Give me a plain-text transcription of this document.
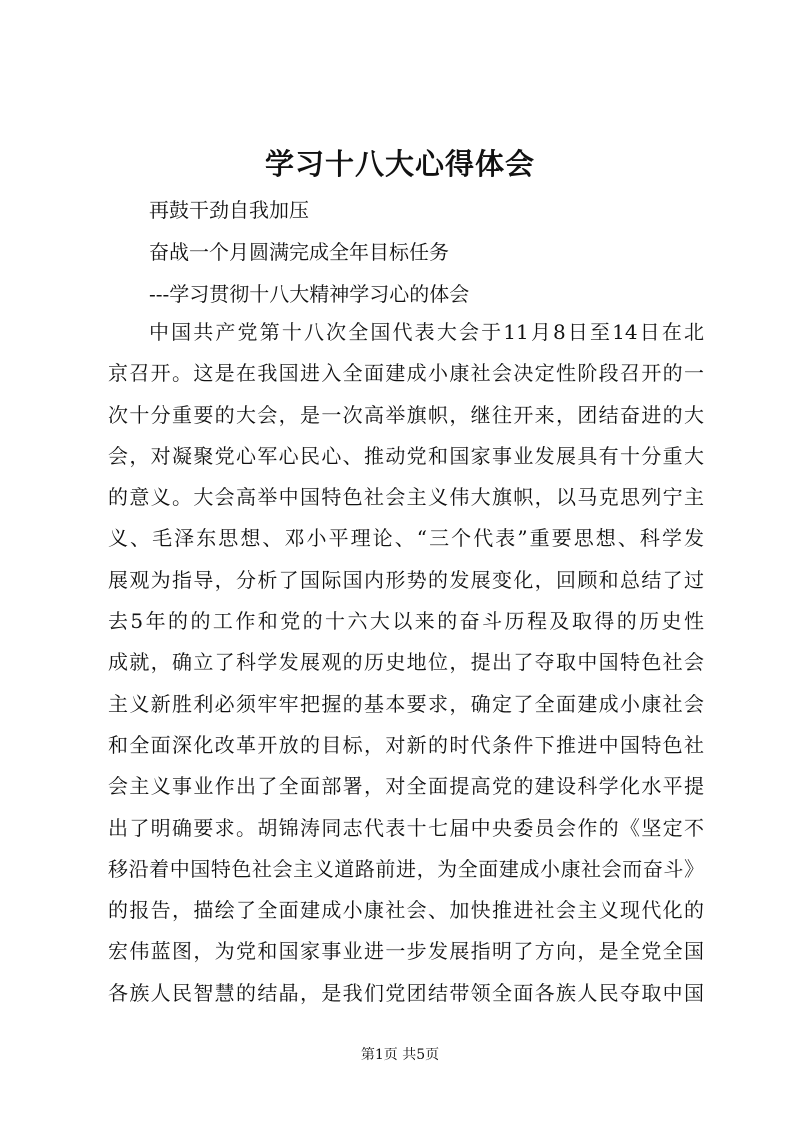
学习十八大心得体会

再鼓干劲自我加压

奋战一个月圆满完成全年目标任务

---学习贯彻十八大精神学习心的体会

中国共产党第十八次全国代表大会于11月8日至14日在北
京召开。这是在我国进入全面建成小康社会决定性阶段召开的一
次十分重要的大会，是一次高举旗帜，继往开来，团结奋进的大
会，对凝聚党心军心民心、推动党和国家事业发展具有十分重大
的意义。大会高举中国特色社会主义伟大旗帜，以马克思列宁主
义、毛泽东思想、邓小平理论、“三个代表”重要思想、科学发
展观为指导，分析了国际国内形势的发展变化，回顾和总结了过
去5年的的工作和党的十六大以来的奋斗历程及取得的历史性
成就，确立了科学发展观的历史地位，提出了夺取中国特色社会
主义新胜利必须牢牢把握的基本要求，确定了全面建成小康社会
和全面深化改革开放的目标，对新的时代条件下推进中国特色社
会主义事业作出了全面部署，对全面提高党的建设科学化水平提
出了明确要求。胡锦涛同志代表十七届中央委员会作的《坚定不
移沿着中国特色社会主义道路前进，为全面建成小康社会而奋斗》
的报告，描绘了全面建成小康社会、加快推进社会主义现代化的
宏伟蓝图，为党和国家事业进一步发展指明了方向，是全党全国
各族人民智慧的结晶，是我们党团结带领全面各族人民夺取中国

第1页 共5页
